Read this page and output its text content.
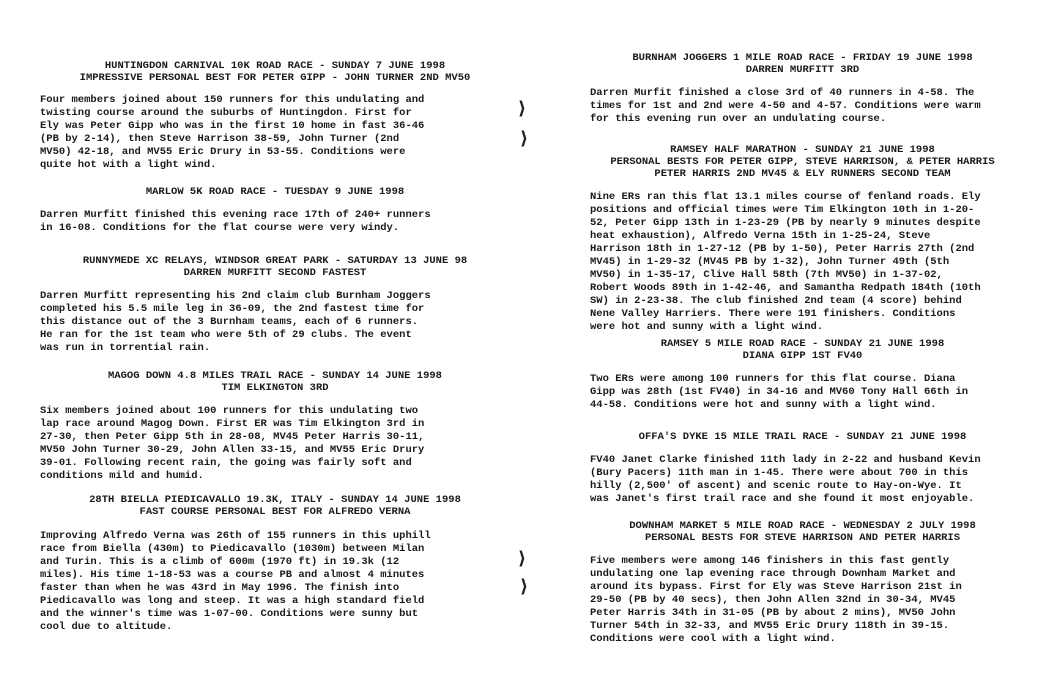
HUNTINGDON CARNIVAL 10K ROAD RACE - SUNDAY 7 JUNE 1998

IMPRESSIVE PERSONAL BEST FOR PETER GIPP - JOHN TURNER 2ND MV50

Four members joined about 150 runners for this undulating and
twisting course around the suburbs of Huntingdon. First for
Ely was Peter Gipp who was in the first 10 home in fast 36-46
(PB by 2-14), then Steve Harrison 38-59, John Turner (2nd
MV50) 42-18, and MV55 Eric Drury in 53-55. Conditions were
quite hot with a light wind.

MARLOW 5K ROAD RACE - TUESDAY 9 JUNE 1998

Darren Murfitt finished this evening race 17th of 240+ runners
in 16-08. Conditions for the flat course were very windy.

RUNNYMEDE XC RELAYS, WINDSOR GREAT PARK - SATURDAY 13 JUNE 98

DARREN MURFITT SECOND FASTEST

Darren Murfitt representing his 2nd claim club Burnham Joggers
completed his 5.5 mile leg in 36-09, the 2nd fastest time for
this distance out of the 3 Burnham teams, each of 6 runners.
He ran for the 1st team who were 5th of 29 clubs. The event
was run in torrential rain.

MAGOG DOWN 4.8 MILES TRAIL RACE - SUNDAY 14 JUNE 1998

TIM ELKINGTON 3RD

Six members joined about 100 runners for this undulating two
lap race around Magog Down. First ER was Tim Elkington 3rd in
27-30, then Peter Gipp 5th in 28-08, MV45 Peter Harris 30-11,
MV50 John Turner 30-29, John Allen 33-15, and MV55 Eric Drury
39-01. Following recent rain, the going was fairly soft and
conditions mild and humid.

28TH BIELLA PIEDICAVALLO 19.3K, ITALY - SUNDAY 14 JUNE 1998

FAST COURSE PERSONAL BEST FOR ALFREDO VERNA

Improving Alfredo Verna was 26th of 155 runners in this uphill
race from Biella (430m) to Piedicavallo (1030m) between Milan
and Turin. This is a climb of 600m (1970 ft) in 19.3k (12
miles). His time 1-18-53 was a course PB and almost 4 minutes
faster than when he was 43rd in May 1996. The finish into
Piedicavallo was long and steep. It was a high standard field
and the winner's time was 1-07-00. Conditions were sunny but
cool due to altitude.

⟩
⟩
⟩
⟩

BURNHAM JOGGERS 1 MILE ROAD RACE - FRIDAY 19 JUNE 1998

DARREN MURFITT 3RD

Darren Murfit finished a close 3rd of 40 runners in 4-58. The
times for 1st and 2nd were 4-50 and 4-57. Conditions were warm
for this evening run over an undulating course.

RAMSEY HALF MARATHON - SUNDAY 21 JUNE 1998

PERSONAL BESTS FOR PETER GIPP, STEVE HARRISON, & PETER HARRIS
PETER HARRIS 2ND MV45 & ELY RUNNERS SECOND TEAM

Nine ERs ran this flat 13.1 miles course of fenland roads. Ely
positions and official times were Tim Elkington 10th in 1-20-
52, Peter Gipp 13th in 1-23-29 (PB by nearly 9 minutes despite
heat exhaustion), Alfredo Verna 15th in 1-25-24, Steve
Harrison 18th in 1-27-12 (PB by 1-50), Peter Harris 27th (2nd
MV45) in 1-29-32 (MV45 PB by 1-32), John Turner 49th (5th
MV50) in 1-35-17, Clive Hall 58th (7th MV50) in 1-37-02,
Robert Woods 89th in 1-42-46, and Samantha Redpath 184th (10th
SW) in 2-23-38. The club finished 2nd team (4 score) behind
Nene Valley Harriers. There were 191 finishers. Conditions
were hot and sunny with a light wind.

RAMSEY 5 MILE ROAD RACE - SUNDAY 21 JUNE 1998

DIANA GIPP 1ST FV40

Two ERs were among 100 runners for this flat course. Diana
Gipp was 28th (1st FV40) in 34-16 and MV60 Tony Hall 66th in
44-58. Conditions were hot and sunny with a light wind.

OFFA'S DYKE 15 MILE TRAIL RACE - SUNDAY 21 JUNE 1998

FV40 Janet Clarke finished 11th lady in 2-22 and husband Kevin
(Bury Pacers) 11th man in 1-45. There were about 700 in this
hilly (2,500' of ascent) and scenic route to Hay-on-Wye. It
was Janet's first trail race and she found it most enjoyable.

DOWNHAM MARKET 5 MILE ROAD RACE - WEDNESDAY 2 JULY 1998

PERSONAL BESTS FOR STEVE HARRISON AND PETER HARRIS

Five members were among 146 finishers in this fast gently
undulating one lap evening race through Downham Market and
around its bypass. First for Ely was Steve Harrison 21st in
29-50 (PB by 40 secs), then John Allen 32nd in 30-34, MV45
Peter Harris 34th in 31-05 (PB by about 2 mins), MV50 John
Turner 54th in 32-33, and MV55 Eric Drury 118th in 39-15.
Conditions were cool with a light wind.
